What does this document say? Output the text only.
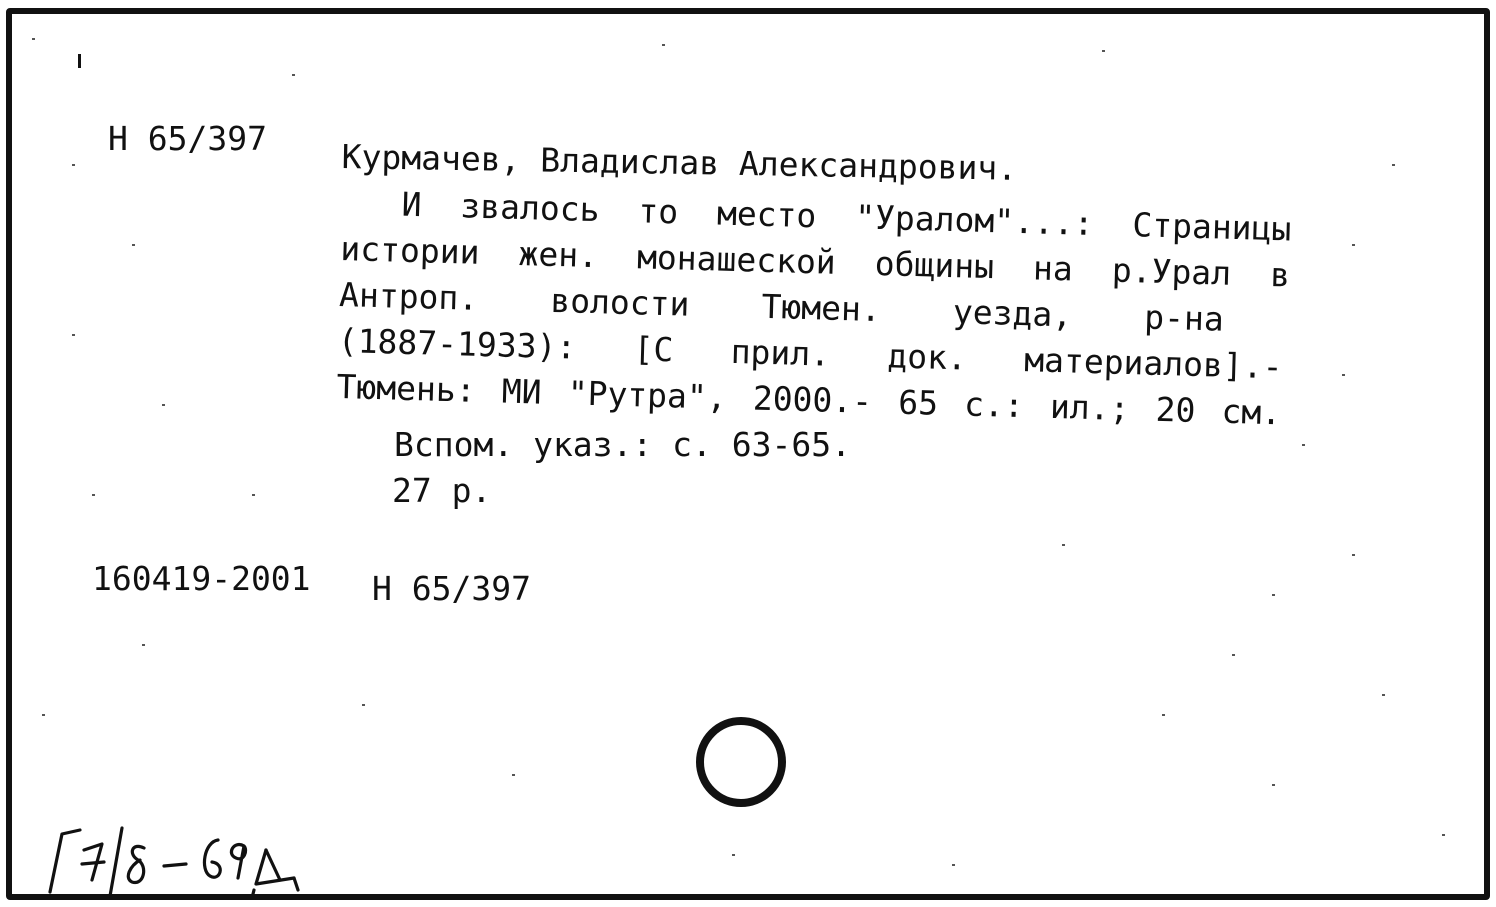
Н 65/397 Курмачев, Владислав Александрович.
И звалось то место "Уралом"...: Страницы
истории жен. монашеской общины на р.Урал в
Антроп. волости Тюмен. уезда, р-на
(1887-1933): [С прил. док. материалов].-
Тюмень: МИ "Рутра", 2000.- 65 с.: ил.; 20 см.
Вспом. указ.: с. 63-65.
27 р.
160419-2001 Н 65/397
